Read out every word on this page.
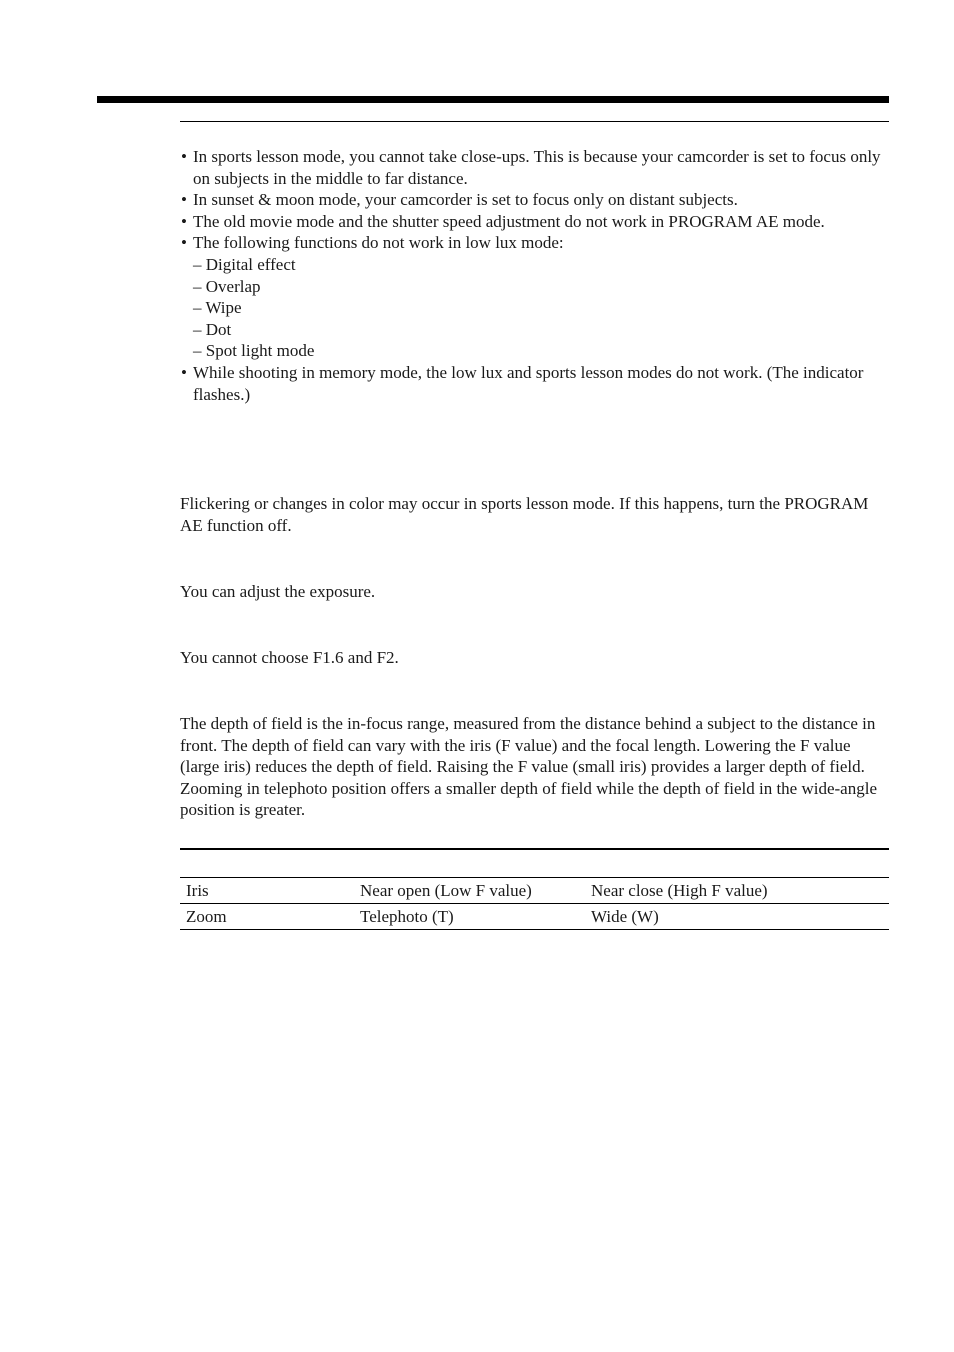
• In sports lesson mode, you cannot take close-ups. This is because your camcorder is set to focus only on subjects in the middle to far distance.
• In sunset & moon mode, your camcorder is set to focus only on distant subjects.
• The old movie mode and the shutter speed adjustment do not work in PROGRAM AE mode.
• The following functions do not work in low lux mode:
– Digital effect
– Overlap
– Wipe
– Dot
– Spot light mode
• While shooting in memory mode, the low lux and sports lesson modes do not work. (The indicator flashes.)

Flickering or changes in color may occur in sports lesson mode. If this happens, turn the PROGRAM AE function off.

You can adjust the exposure.

You cannot choose F1.6 and F2.

The depth of field is the in-focus range, measured from the distance behind a subject to the distance in front. The depth of field can vary with the iris (F value) and the focal length. Lowering the F value (large iris) reduces the depth of field. Raising the F value (small iris) provides a larger depth of field. Zooming in telephoto position offers a smaller depth of field while the depth of field in the wide-angle position is greater.

Iris	Near open (Low F value)	Near close (High F value)
Zoom	Telephoto (T)	Wide (W)
